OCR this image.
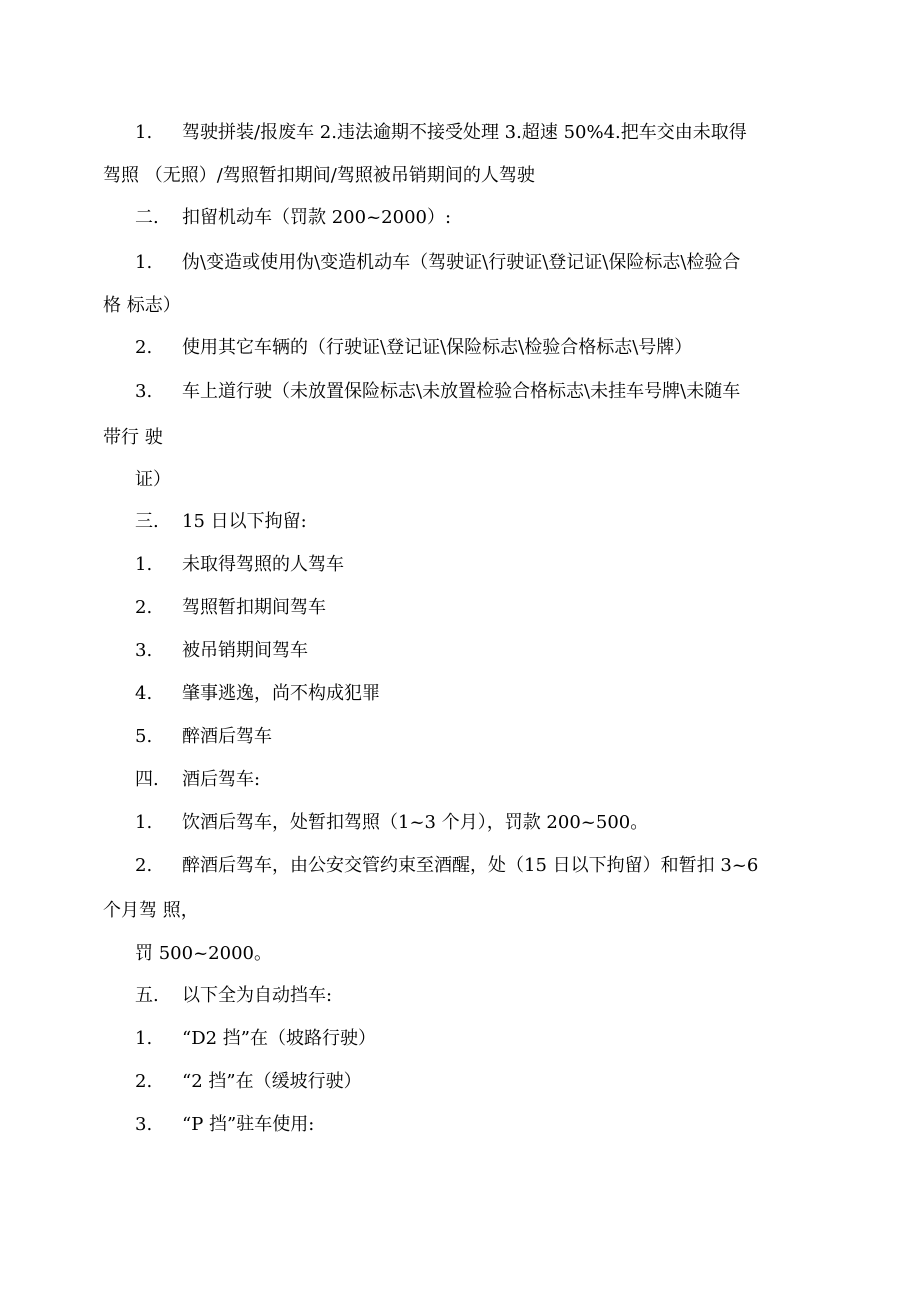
1. 驾驶拼装/报废车 2.违法逾期不接受处理 3.超速 50%4.把车交由未取得
驾照 （无照）/驾照暂扣期间/驾照被吊销期间的人驾驶
二. 扣留机动车（罚款 200~2000）:
1. 伪\变造或使用伪\变造机动车（驾驶证\行驶证\登记证\保险标志\检验合
格 标志）
2. 使用其它车辆的（行驶证\登记证\保险标志\检验合格标志\号牌）
3. 车上道行驶（未放置保险标志\未放置检验合格标志\未挂车号牌\未随车
带行 驶
证）
三. 15 日以下拘留:
1. 未取得驾照的人驾车
2. 驾照暂扣期间驾车
3. 被吊销期间驾车
4. 肇事逃逸，尚不构成犯罪
5. 醉酒后驾车
四. 酒后驾车:
1. 饮酒后驾车，处暂扣驾照（1~3 个月），罚款 200~500。
2. 醉酒后驾车，由公安交管约束至酒醒，处（15 日以下拘留）和暂扣 3~6
个月驾 照，
罚 500~2000。
五. 以下全为自动挡车:
1. “D2 挡”在（坡路行驶）
2. “2 挡”在（缓坡行驶）
3. “P 挡”驻车使用:
